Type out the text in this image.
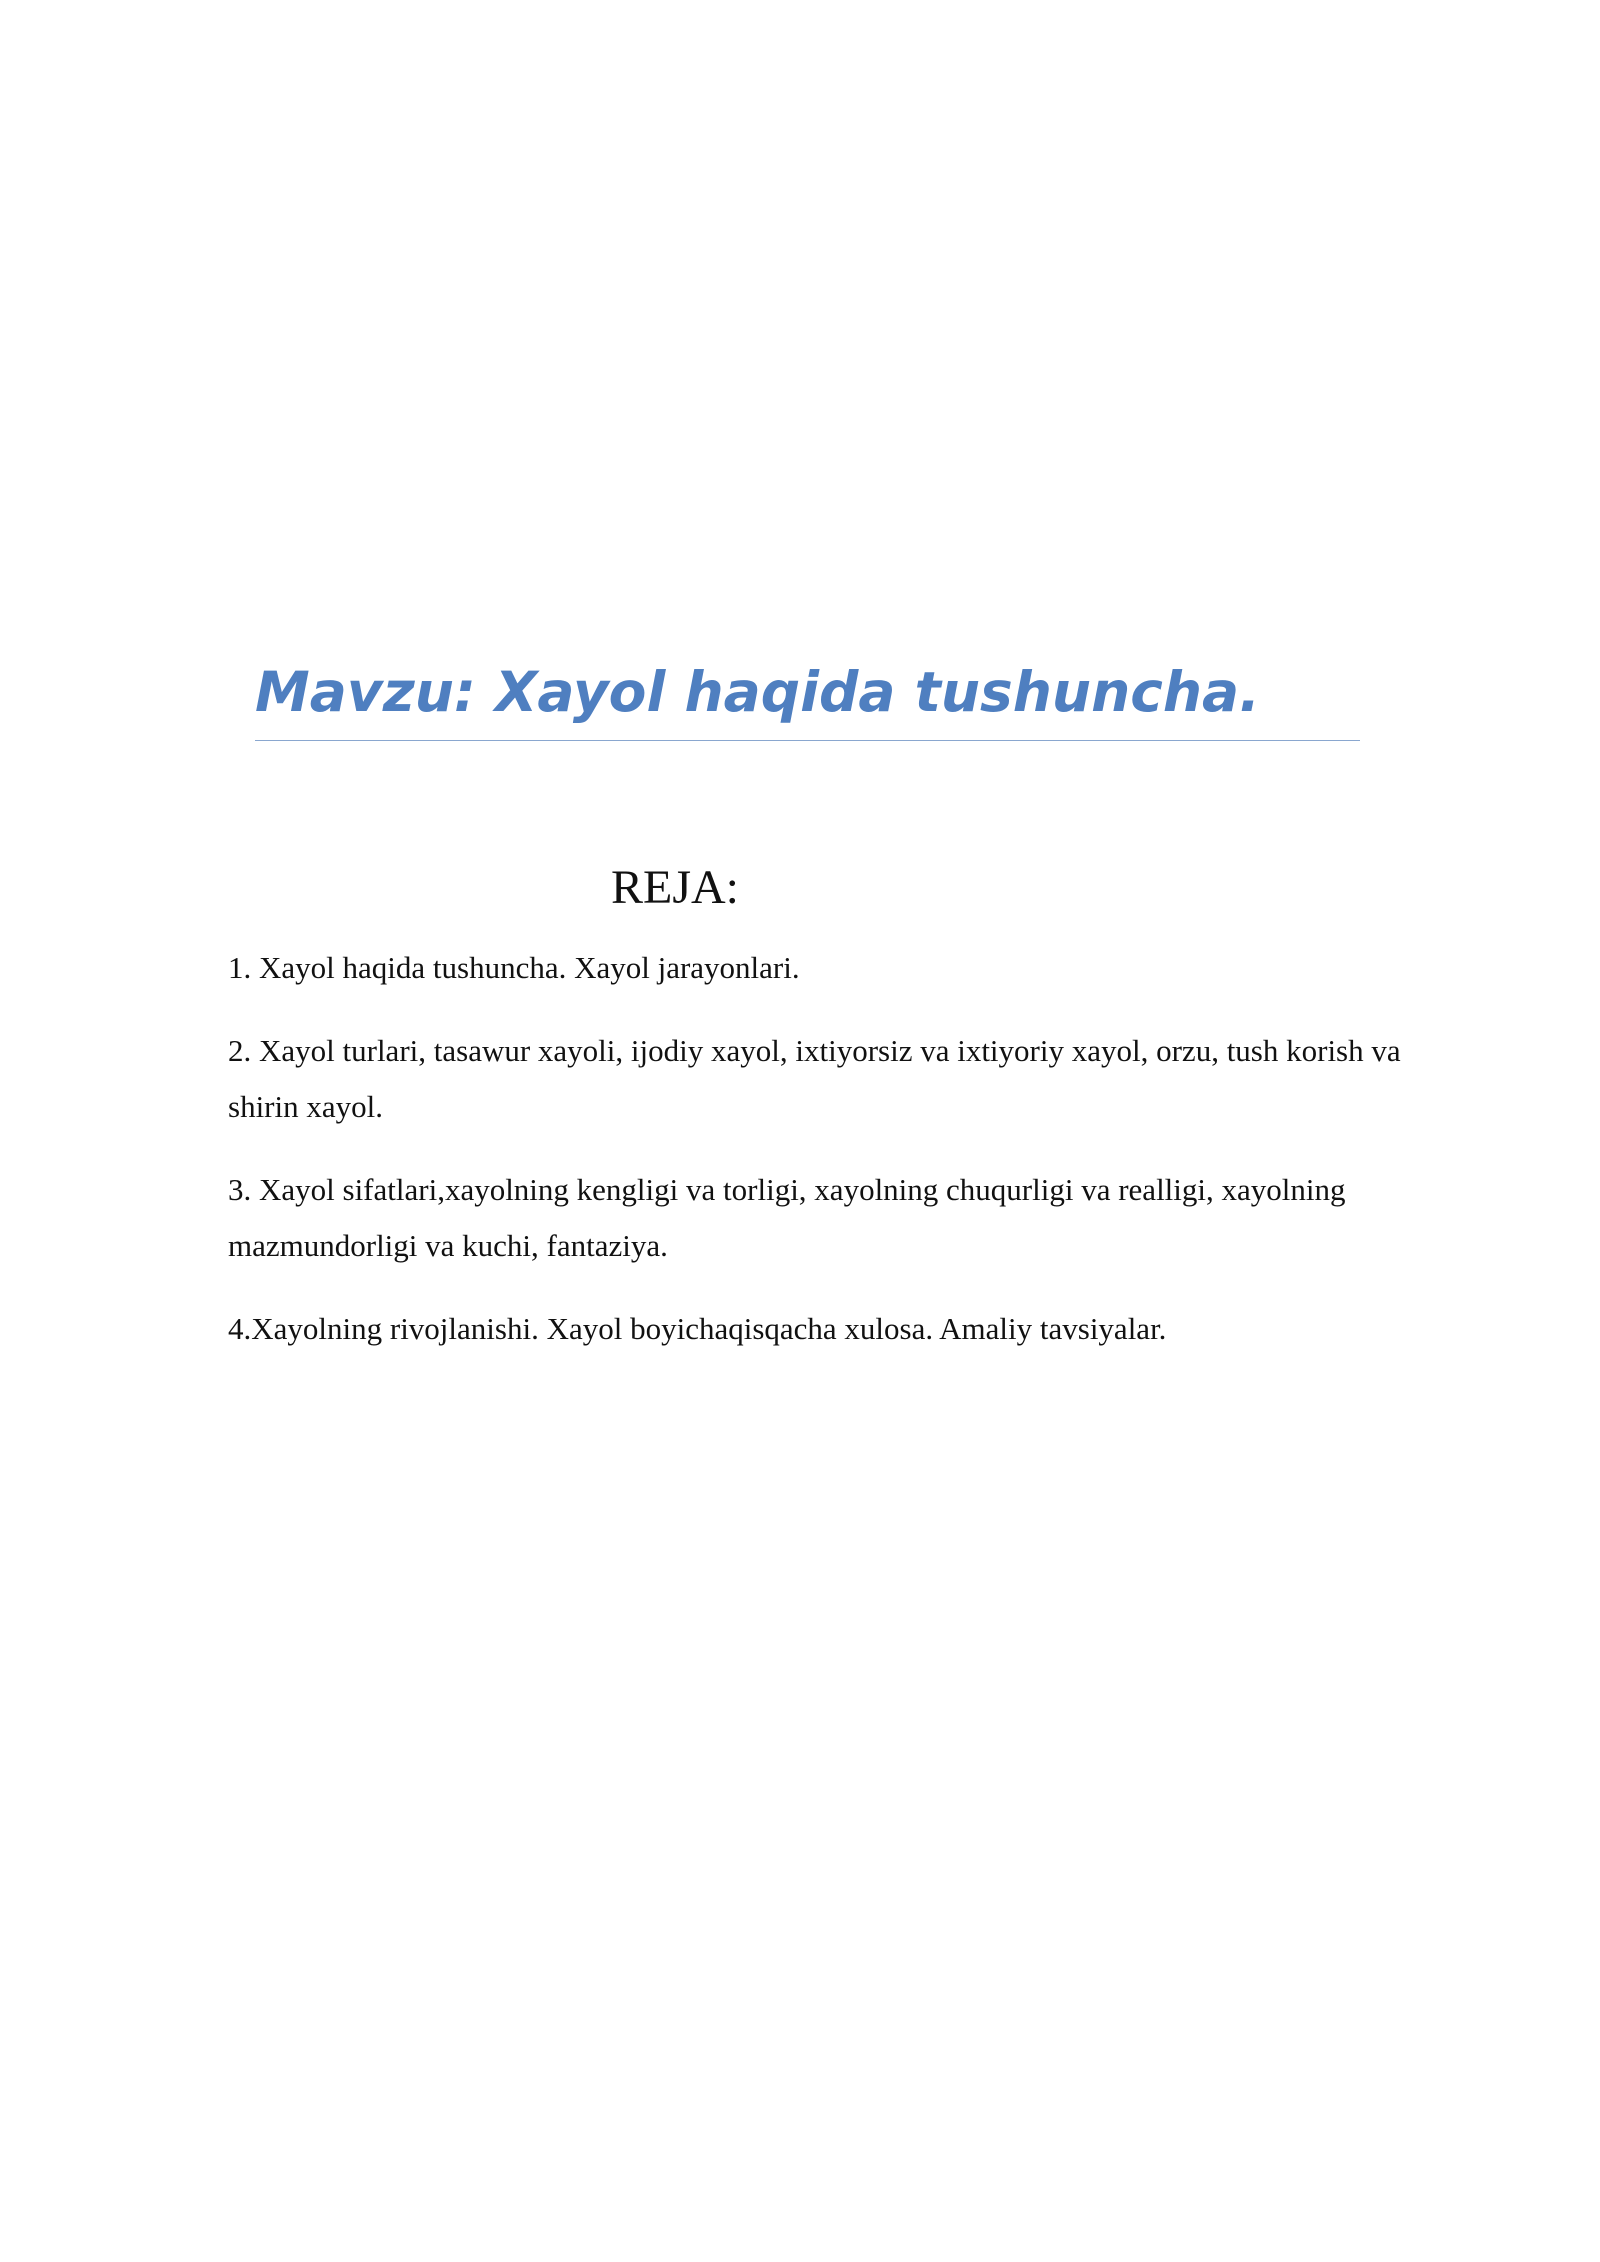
Mavzu: Xayol haqida tushuncha.
REJA:
1. Xayol haqida tushuncha. Xayol jarayonlari.
2. Xayol turlari, tasawur xayoli, ijodiy xayol, ixtiyorsiz va ixtiyoriy xayol, orzu, tush korish va shirin xayol.
3. Xayol sifatlari,xayolning kengligi va torligi, xayolning chuqurligi va realligi, xayolning mazmundorligi va kuchi, fantaziya.
4.Xayolning rivojlanishi. Xayol boyichaqisqacha xulosa. Amaliy tavsiyalar.
